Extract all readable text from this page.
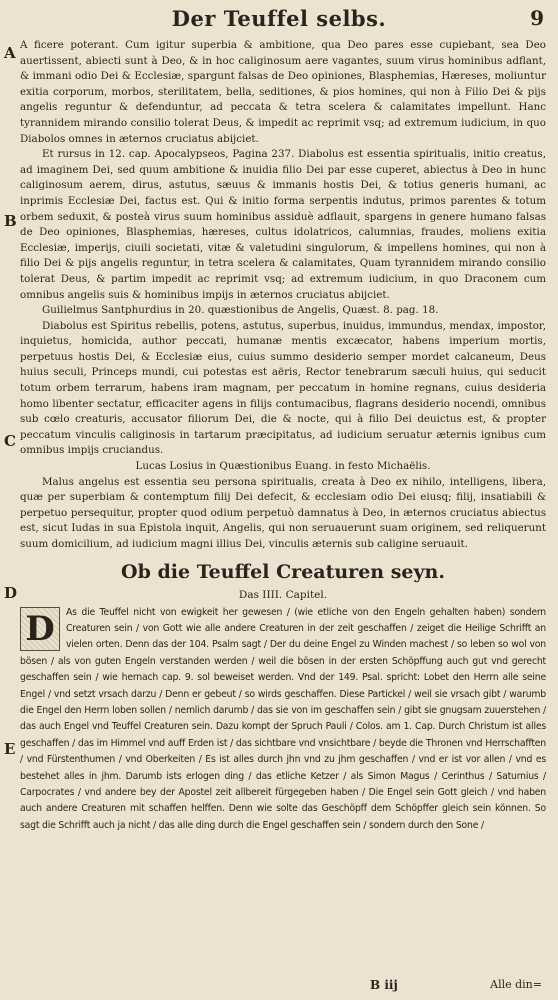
Der Teuffel selbs.	9
A
B
C
D
E

A ficere poterant. Cum igitur superbia & ambitione, qua Deo pares esse cupiebant, sea Deo auertissent, abiecti sunt à Deo, & in hoc caliginosum aere vagantes, suum virus hominibus adflant, & immani odio Dei & Ecclesiæ, spargunt falsas de Deo opiniones, Blasphemias, Hæreses, moliuntur exitia corporum, morbos, sterilitatem, bella, seditiones, & pios homines, qui non à Filio Dei & pijs angelis reguntur & defenduntur, ad peccata & tetra scelera & calamitates impellunt. Hanc tyrannidem mirando consilio tolerat Deus, & impedit ac reprimit vsq; ad extremum iudicium, in quo Diabolos omnes in æternos cruciatus abijciet.

Et rursus in 12. cap. Apocalypseos, Pagina 237. Diabolus est essentia spiritualis, initio creatus, ad imaginem Dei, sed quum ambitione & inuidia filio Dei par esse cuperet, abiectus à Deo in hunc caliginosum aerem, dirus, astutus, sæuus & immanis hostis Dei, & totius generis humani, ac inprimis Ecclesiæ Dei, factus est. Qui & initio forma serpentis indutus, primos parentes & totum orbem seduxit, & posteà virus suum hominibus assiduè adflauit, spargens in genere humano falsas de Deo opiniones, Blasphemias, hæreses, cultus idolatricos, calumnias, fraudes, moliens exitia Ecclesiæ, imperijs, ciuili societati, vitæ & valetudini singulorum, & impellens homines, qui non à filio Dei & pijs angelis reguntur, in tetra scelera & calamitates, Quam tyrannidem mirando consilio tolerat Deus, & partim impedit ac reprimit vsq; ad extremum iudicium, in quo Draconem cum omnibus angelis suis & hominibus impijs in æternos cruciatus abijciet.

Guilielmus Santphurdius in 20. quæstionibus de Angelis, Quæst. 8. pag. 18.

Diabolus est Spiritus rebellis, potens, astutus, superbus, inuidus, immundus, mendax, impostor, inquietus, homicida, author peccati, humanæ mentis excæcator, habens imperium mortis, perpetuus hostis Dei, & Ecclesiæ eius, cuius summo desiderio semper mordet calcaneum, Deus huius seculi, Princeps mundi, cui potestas est aëris, Rector tenebrarum sæculi huius, qui seducit totum orbem terrarum, habens iram magnam, per peccatum in homine regnans, cuius desideria homo libenter sectatur, efficaciter agens in filijs contumacibus, flagrans desiderio nocendi, omnibus sub cœlo creaturis, accusator filiorum Dei, die & nocte, qui à filio Dei deuictus est, & propter peccatum vinculis caliginosis in tartarum præcipitatus, ad iudicium seruatur æternis ignibus cum omnibus impijs cruciandus.

Lucas Losius in Quæstionibus Euang. in festo Michaëlis.

Malus angelus est essentia seu persona spiritualis, creata à Deo ex nihilo, intelligens, libera, quæ per superbiam & contemptum filij Dei defecit, & ecclesiam odio Dei eiusq; filij, insatiabili & perpetuo persequitur, propter quod odium perpetuò damnatus à Deo, in æternos cruciatus abiectus est, sicut Iudas in sua Epistola inquit, Angelis, qui non seruauerunt suam originem, sed reliquerunt suum domicilium, ad iudicium magni illius Dei, vinculis æternis sub caligine seruauit.

Ob die Teuffel Creaturen seyn.
Das IIII. Capitel.
D	As die Teuffel nicht von ewigkeit her gewesen / (wie etliche von den Engeln gehalten haben) sondern Creaturen sein / von Gott wie alle andere Creaturen in der zeit geschaffen / zeiget die Heilige Schrifft an vielen orten. Denn das der 104. Psalm sagt / Der du deine Engel zu Winden machest / so leben so wol von bösen / als von guten Engeln verstanden werden / weil die bösen in der ersten Schöpffung auch gut vnd gerecht geschaffen sein / wie hernach cap. 9. sol beweiset werden. Vnd der 149. Psal. spricht: Lobet den Herrn alle seine Engel / vnd setzt vrsach darzu / Denn er gebeut / so wirds geschaffen. Diese Partickel / weil sie vrsach gibt / warumb die Engel den Herrn loben sollen / nemlich darumb / das sie von im geschaffen sein / gibt sie gnugsam zuuerstehen / das auch Engel vnd Teuffel Creaturen sein. Dazu kompt der Spruch Pauli / Colos. am 1. Cap. Durch Christum ist alles geschaffen / das im Himmel vnd auff Erden ist / das sichtbare vnd vnsichtbare / beyde die Thronen vnd Herrschafften / vnd Fürstenthumen / vnd Oberkeiten / Es ist alles durch jhn vnd zu jhm geschaffen / vnd er ist vor allen / vnd es bestehet alles in jhm. Darumb ists erlogen ding / das etliche Ketzer / als Simon Magus / Cerinthus / Saturnius / Carpocrates / vnd andere bey der Apostel zeit allbereit fürgegeben haben / Die Engel sein Gott gleich / vnd haben auch andere Creaturen mit schaffen helffen. Denn wie solte das Geschöpff dem Schöpffer gleich sein können. So sagt die Schrifft auch ja nicht / das alle ding durch die Engel geschaffen sein / sondern durch den Sone /

B iij	Alle din=
